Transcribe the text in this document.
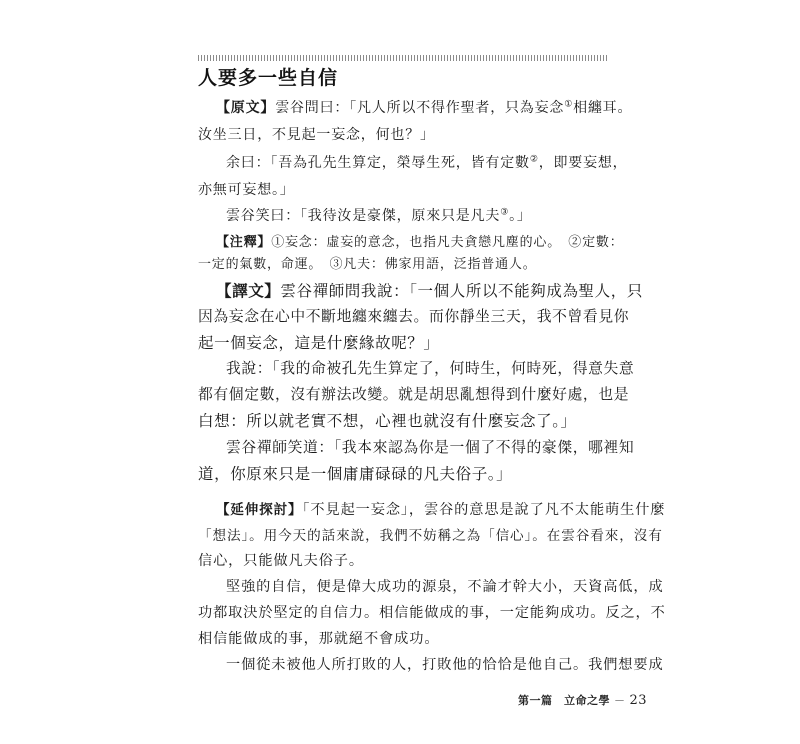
人要多一些自信
【原文】雲谷問曰：「凡人所以不得作聖者，只為妄念①相纏耳。
汝坐三日，不見起一妄念，何也？」
余曰：「吾為孔先生算定，榮辱生死，皆有定數②，即要妄想，
亦無可妄想。」
雲谷笑曰：「我待汝是豪傑，原來只是凡夫③。」
【注釋】①妄念：虛妄的意念，也指凡夫貪戀凡塵的心。　②定數：
一定的氣數，命運。　③凡夫：佛家用語，泛指普通人。
【譯文】雲谷禪師問我說：「一個人所以不能夠成為聖人，只
因為妄念在心中不斷地纏來纏去。而你靜坐三天，我不曾看見你
起一個妄念，這是什麼緣故呢？」
我說：「我的命被孔先生算定了，何時生，何時死，得意失意
都有個定數，沒有辦法改變。就是胡思亂想得到什麼好處，也是
白想：所以就老實不想，心裡也就沒有什麼妄念了。」
雲谷禪師笑道：「我本來認為你是一個了不得的豪傑，哪裡知
道，你原來只是一個庸庸碌碌的凡夫俗子。」
【延伸探討】「不見起一妄念」，雲谷的意思是說了凡不太能萌生什麼
「想法」。用今天的話來說，我們不妨稱之為「信心」。在雲谷看來，沒有
信心，只能做凡夫俗子。
堅強的自信，便是偉大成功的源泉，不論才幹大小，天資高低，成
功都取決於堅定的自信力。相信能做成的事，一定能夠成功。反之，不
相信能做成的事，那就絕不會成功。
一個從未被他人所打敗的人，打敗他的恰恰是他自己。我們想要成
第一篇　立命之學 － 23
